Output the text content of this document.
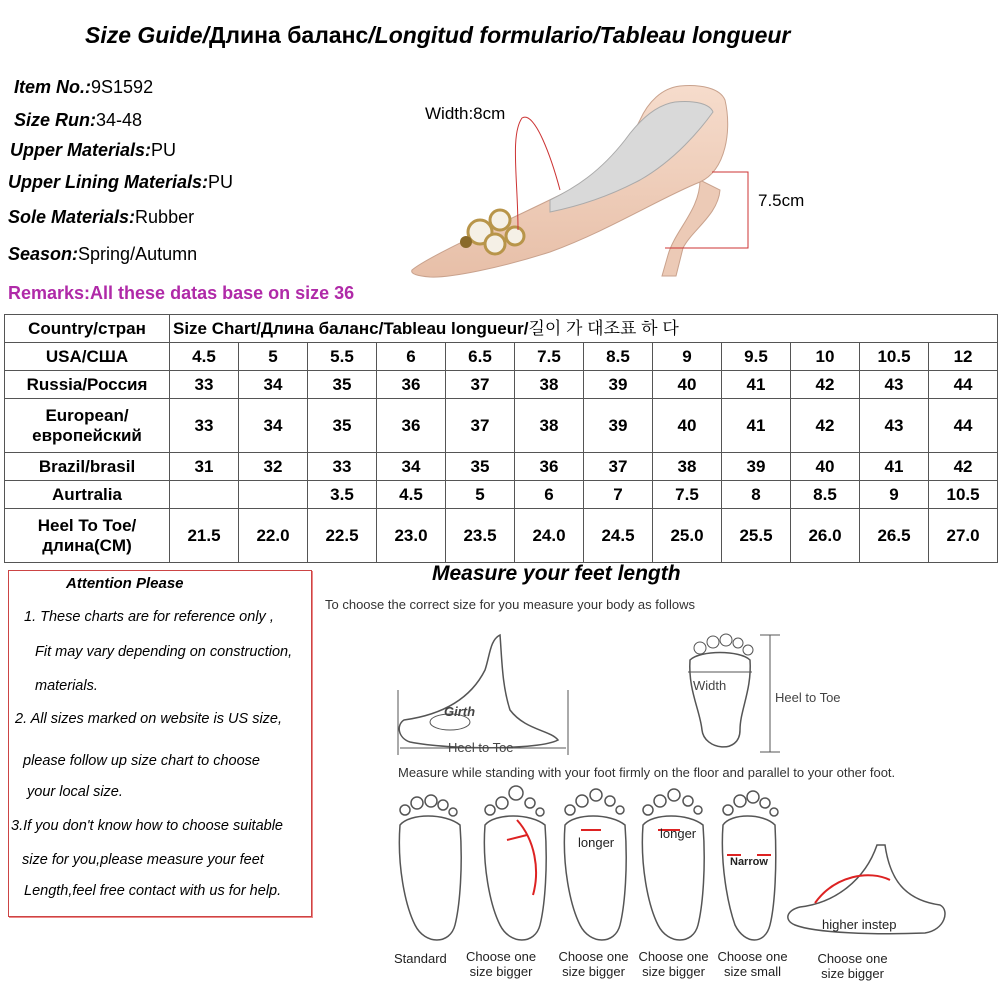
Size Guide/Длина баланс/Longitud formulario/Tableau longueur
Item No.:9S1592
Size Run:34-48
Upper Materials:PU
Upper Lining Materials:PU
Sole Materials:Rubber
Season:Spring/Autumn
Remarks:All these datas base on size 36
Width:8cm
7.5cm
Country/стран	Size Chart/Длина баланс/Tableau longueur/길이 가 대조표 하 다											
USA/США	4.5	5	5.5	6	6.5	7.5	8.5	9	9.5	10	10.5	12
Russia/Россия	33	34	35	36	37	38	39	40	41	42	43	44
European/европейский	33	34	35	36	37	38	39	40	41	42	43	44
Brazil/brasil	31	32	33	34	35	36	37	38	39	40	41	42
Aurtralia			3.5	4.5	5	6	7	7.5	8	8.5	9	10.5
Heel To Toe/длина(CM)	21.5	22.0	22.5	23.0	23.5	24.0	24.5	25.0	25.5	26.0	26.5	27.0
Attention Please

1. These charts are for reference only ,

Fit may vary depending on construction,

materials.

2. All sizes marked on website is US size,

please follow up size chart to choose

your local size.

3.If you don't know how to choose suitable

size for you,please measure your feet

Length,feel free contact with us for help.

Measure your feet length
To choose the correct size for you measure your body as follows
Girth
Heel to Toe
Width
Heel to Toe
Measure while standing with your foot firmly on the floor and parallel to your other foot.
longer
longer
Narrow
higher instep
Standard Choose one size bigger
Choose one size bigger
Choose one size bigger
Choose one size small
Choose one size bigger
